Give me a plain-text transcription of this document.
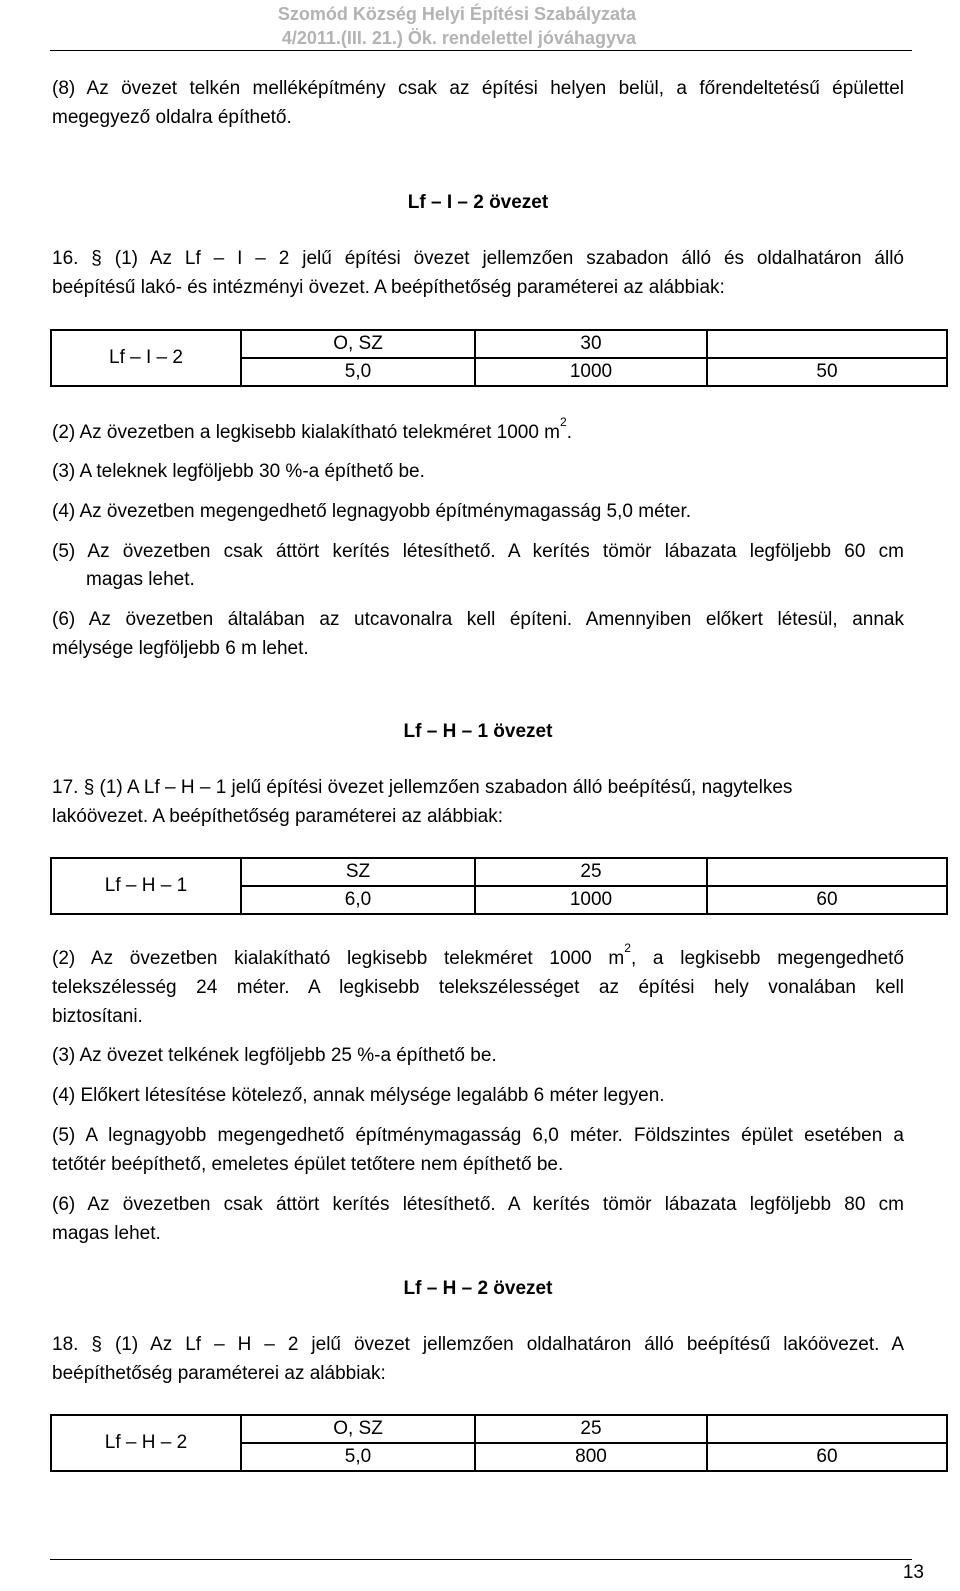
Szomód Község Helyi Építési Szabályzata
4/2011.(III. 21.) Ök. rendelettel jóváhagyva
(8) Az övezet telkén melléképítmény csak az építési helyen belül, a főrendeltetésű épülettel
megegyező oldalra építhető.
Lf – I – 2 övezet
16. § (1) Az Lf – I – 2 jelű építési övezet jellemzően szabadon álló és oldalhatáron álló
beépítésű lakó- és intézményi övezet. A beépíthetőség paraméterei az alábbiak:
Lf – I – 2	O, SZ	30	
	5,0	1000	50
(2) Az övezetben a legkisebb kialakítható telekméret 1000 $m^2$.
(3) A teleknek legföljebb 30 %-a építhető be.
(4) Az övezetben megengedhető legnagyobb építménymagasság 5,0 méter.
(5) Az övezetben csak áttört kerítés létesíthető. A kerítés tömör lábazata legföljebb 60 cm
magas lehet.
(6) Az övezetben általában az utcavonalra kell építeni. Amennyiben előkert létesül, annak
mélysége legföljebb 6 m lehet.
Lf – H – 1 övezet
17. § (1) A Lf – H – 1 jelű építési övezet jellemzően szabadon álló beépítésű, nagytelkes
lakóövezet. A beépíthetőség paraméterei az alábbiak:
Lf – H – 1	SZ	25	
	6,0	1000	60
(2) Az övezetben kialakítható legkisebb telekméret 1000 $m^2$, a legkisebb megengedhető
telekszélesség 24 méter. A legkisebb telekszélességet az építési hely vonalában kell
biztosítani.
(3) Az övezet telkének legföljebb 25 %-a építhető be.
(4) Előkert létesítése kötelező, annak mélysége legalább 6 méter legyen.
(5) A legnagyobb megengedhető építménymagasság 6,0 méter. Földszintes épület esetében a
tetőtér beépíthető, emeletes épület tetőtere nem építhető be.
(6) Az övezetben csak áttört kerítés létesíthető. A kerítés tömör lábazata legföljebb 80 cm
magas lehet.
Lf – H – 2 övezet
18. § (1) Az Lf – H – 2 jelű övezet jellemzően oldalhatáron álló beépítésű lakóövezet. A
beépíthetőség paraméterei az alábbiak:
Lf – H – 2	O, SZ	25	
	5,0	800	60
13
